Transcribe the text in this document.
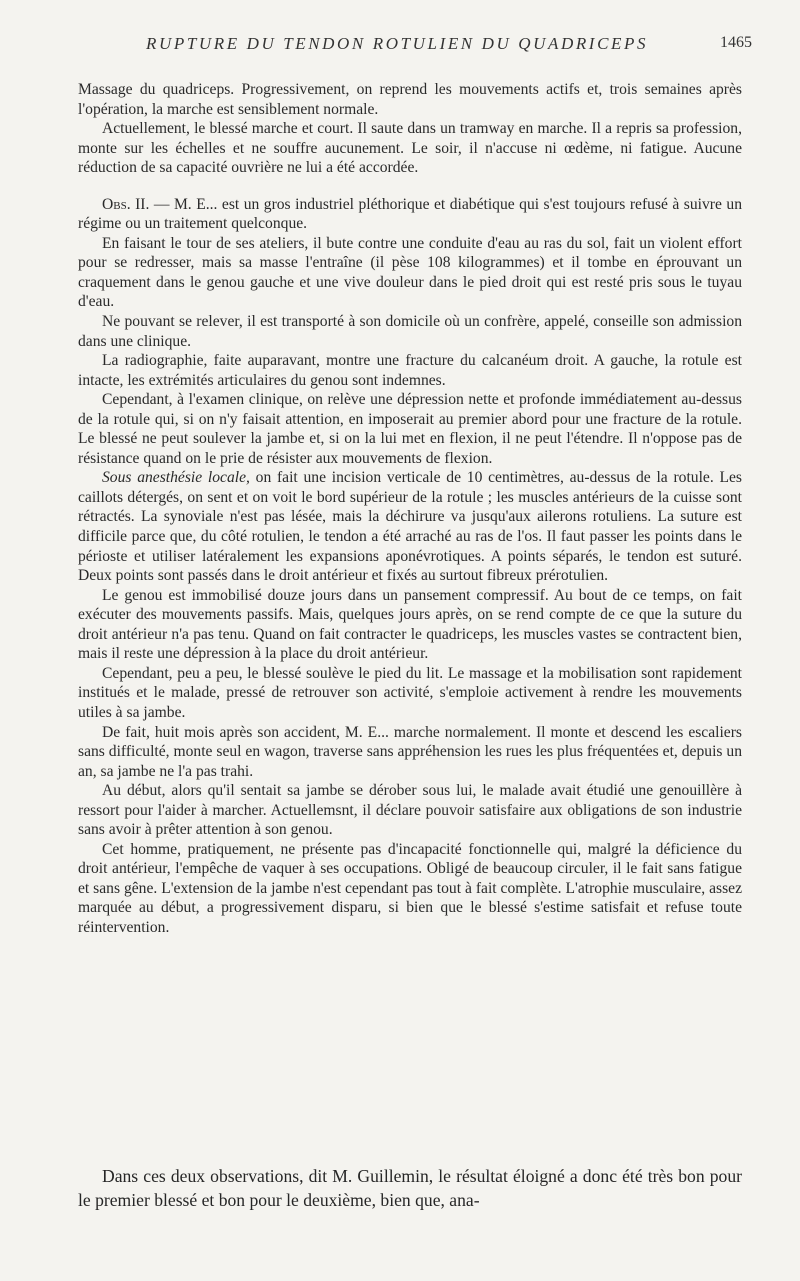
RUPTURE DU TENDON ROTULIEN DU QUADRICEPS	1465

Massage du quadriceps. Progressivement, on reprend les mouvements actifs et, trois semaines après l'opération, la marche est sensiblement normale.

Actuellement, le blessé marche et court. Il saute dans un tramway en marche. Il a repris sa profession, monte sur les échelles et ne souffre aucunement. Le soir, il n'accuse ni œdème, ni fatigue. Aucune réduction de sa capacité ouvrière ne lui a été accordée.

Obs. II. — M. E... est un gros industriel pléthorique et diabétique qui s'est toujours refusé à suivre un régime ou un traitement quelconque.

En faisant le tour de ses ateliers, il bute contre une conduite d'eau au ras du sol, fait un violent effort pour se redresser, mais sa masse l'entraîne (il pèse 108 kilogrammes) et il tombe en éprouvant un craquement dans le genou gauche et une vive douleur dans le pied droit qui est resté pris sous le tuyau d'eau.

Ne pouvant se relever, il est transporté à son domicile où un confrère, appelé, conseille son admission dans une clinique.

La radiographie, faite auparavant, montre une fracture du calcanéum droit. A gauche, la rotule est intacte, les extrémités articulaires du genou sont indemnes.

Cependant, à l'examen clinique, on relève une dépression nette et profonde immédiatement au-dessus de la rotule qui, si on n'y faisait attention, en imposerait au premier abord pour une fracture de la rotule. Le blessé ne peut soulever la jambe et, si on la lui met en flexion, il ne peut l'étendre. Il n'oppose pas de résistance quand on le prie de résister aux mouvements de flexion.

Sous anesthésie locale, on fait une incision verticale de 10 centimètres, au-dessus de la rotule. Les caillots détergés, on sent et on voit le bord supérieur de la rotule ; les muscles antérieurs de la cuisse sont rétractés. La synoviale n'est pas lésée, mais la déchirure va jusqu'aux ailerons rotuliens. La suture est difficile parce que, du côté rotulien, le tendon a été arraché au ras de l'os. Il faut passer les points dans le périoste et utiliser latéralement les expansions aponévrotiques. A points séparés, le tendon est suturé. Deux points sont passés dans le droit antérieur et fixés au surtout fibreux prérotulien.

Le genou est immobilisé douze jours dans un pansement compressif. Au bout de ce temps, on fait exécuter des mouvements passifs. Mais, quelques jours après, on se rend compte de ce que la suture du droit antérieur n'a pas tenu. Quand on fait contracter le quadriceps, les muscles vastes se contractent bien, mais il reste une dépression à la place du droit antérieur.

Cependant, peu a peu, le blessé soulève le pied du lit. Le massage et la mobilisation sont rapidement institués et le malade, pressé de retrouver son activité, s'emploie activement à rendre les mouvements utiles à sa jambe.

De fait, huit mois après son accident, M. E... marche normalement. Il monte et descend les escaliers sans difficulté, monte seul en wagon, traverse sans appréhension les rues les plus fréquentées et, depuis un an, sa jambe ne l'a pas trahi.

Au début, alors qu'il sentait sa jambe se dérober sous lui, le malade avait étudié une genouillère à ressort pour l'aider à marcher. Actuellemsnt, il déclare pouvoir satisfaire aux obligations de son industrie sans avoir à prêter attention à son genou.

Cet homme, pratiquement, ne présente pas d'incapacité fonctionnelle qui, malgré la déficience du droit antérieur, l'empêche de vaquer à ses occupations. Obligé de beaucoup circuler, il le fait sans fatigue et sans gêne. L'extension de la jambe n'est cependant pas tout à fait complète. L'atrophie musculaire, assez marquée au début, a progressivement disparu, si bien que le blessé s'estime satisfait et refuse toute réintervention.

Dans ces deux observations, dit M. Guillemin, le résultat éloigné a donc été très bon pour le premier blessé et bon pour le deuxième, bien que, ana-
